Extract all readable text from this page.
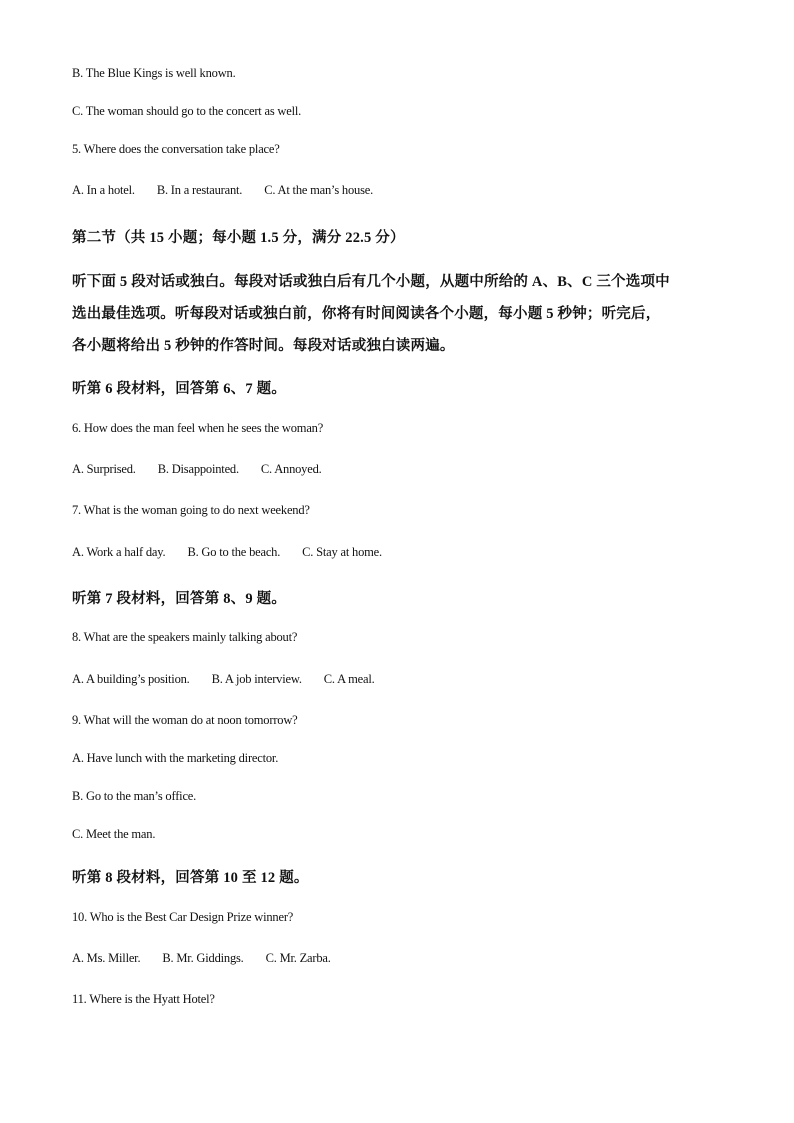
B. The Blue Kings is well known.
C. The woman should go to the concert as well.
5. Where does the conversation take place?
A. In a hotel. B. In a restaurant. C. At the man’s house.
第二节（共 15 小题；每小题 1.5 分，满分 22.5 分）
听下面 5 段对话或独白。每段对话或独白后有几个小题，从题中所给的 A、B、C 三个选项中
选出最佳选项。听每段对话或独白前，你将有时间阅读各个小题，每小题 5 秒钟；听完后，
各小题将给出 5 秒钟的作答时间。每段对话或独白读两遍。
听第 6 段材料，回答第 6、7 题。
6. How does the man feel when he sees the woman?
A. Surprised. B. Disappointed. C. Annoyed.
7. What is the woman going to do next weekend?
A. Work a half day. B. Go to the beach. C. Stay at home.
听第 7 段材料，回答第 8、9 题。
8. What are the speakers mainly talking about?
A. A building’s position. B. A job interview. C. A meal.
9. What will the woman do at noon tomorrow?
A. Have lunch with the marketing director.
B. Go to the man’s office.
C. Meet the man.
听第 8 段材料，回答第 10 至 12 题。
10. Who is the Best Car Design Prize winner?
A. Ms. Miller. B. Mr. Giddings. C. Mr. Zarba.
11. Where is the Hyatt Hotel?
